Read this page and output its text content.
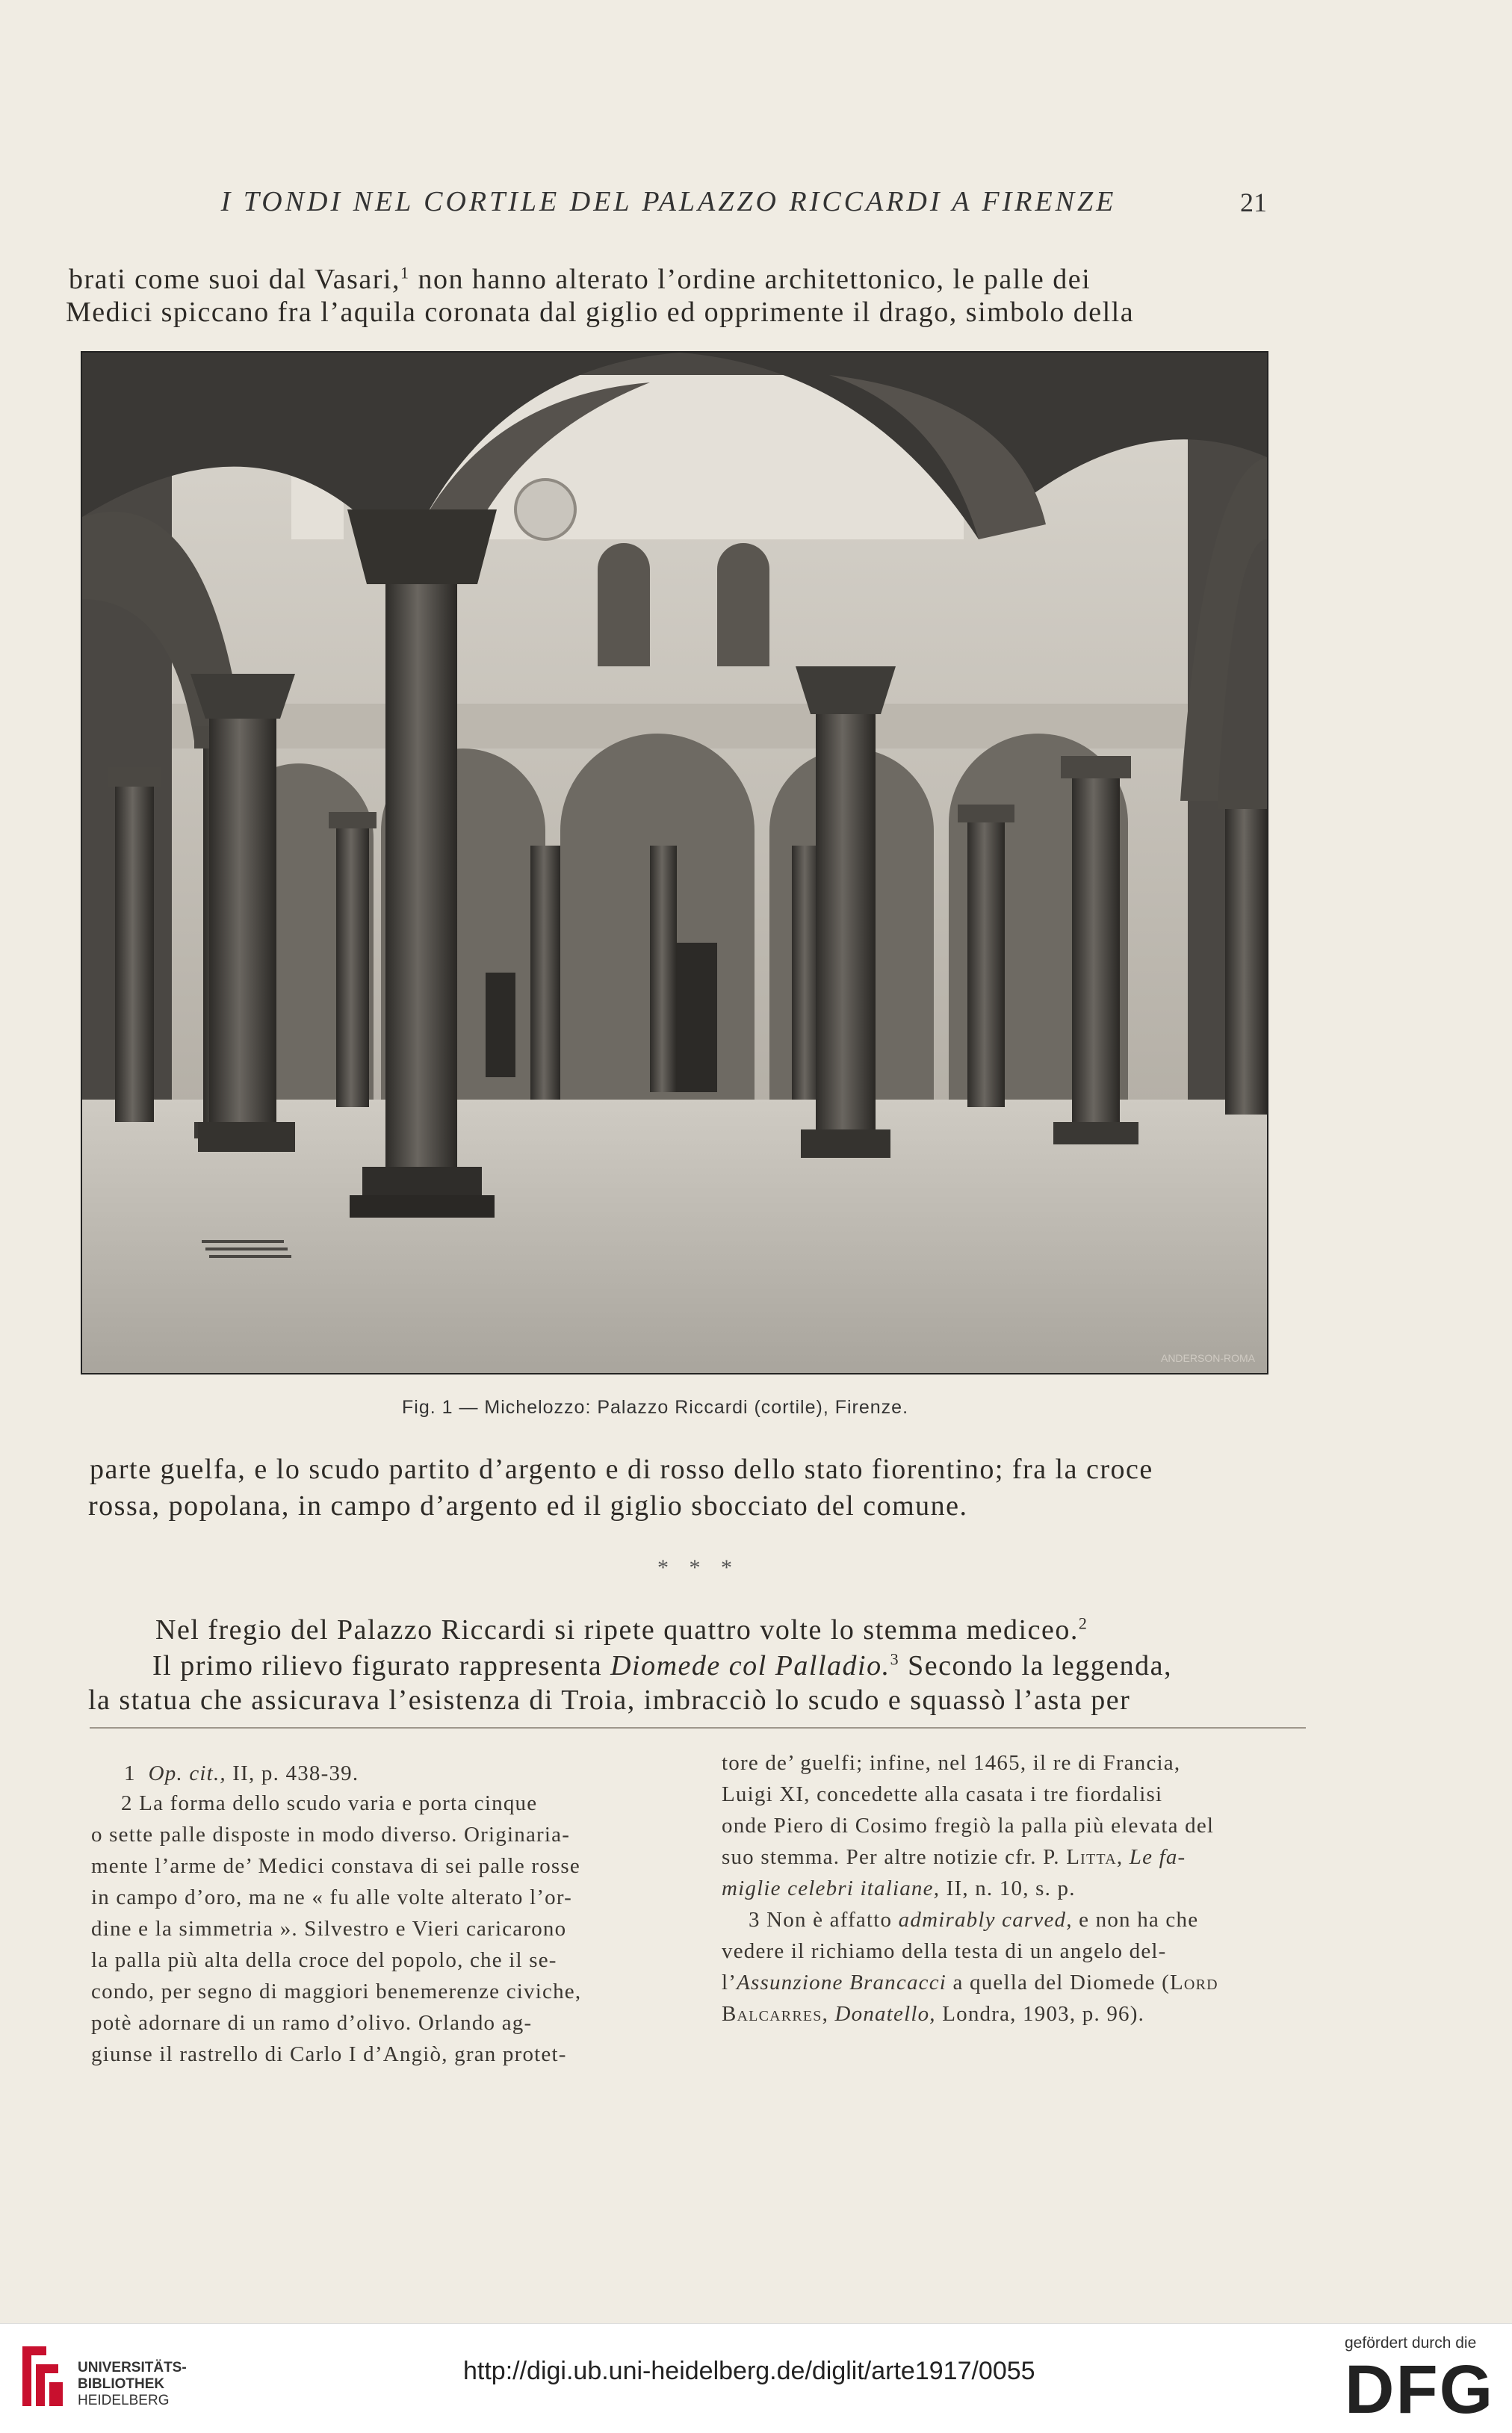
I TONDI NEL CORTILE DEL PALAZZO RICCARDI A FIRENZE	21
brati come suoi dal Vasari,$^1$ non hanno alterato l’ordine architettonico, le palle dei
Medici spiccano fra l’aquila coronata dal giglio ed opprimente il drago, simbolo della
ANDERSON-ROMA
Fig. 1 — Michelozzo: Palazzo Riccardi (cortile), Firenze.
parte guelfa, e lo scudo partito d’argento e di rosso dello stato fiorentino; fra la croce
rossa, popolana, in campo d’argento ed il giglio sbocciato del comune.
* * *
Nel fregio del Palazzo Riccardi si ripete quattro volte lo stemma mediceo.$^2$
Il primo rilievo figurato rappresenta Diomede col Palladio.$^3$ Secondo la leggenda,
la statua che assicurava l’esistenza di Troia, imbracciò lo scudo e squassò l’asta per
1 Op. cit., II, p. 438-39.
2 La forma dello scudo varia e porta cinque
o sette palle disposte in modo diverso. Originaria-
mente l’arme de’ Medici constava di sei palle rosse
in campo d’oro, ma ne « fu alle volte alterato l’or-
dine e la simmetria ». Silvestro e Vieri caricarono
la palla più alta della croce del popolo, che il se-
condo, per segno di maggiori benemerenze civiche,
potè adornare di un ramo d’olivo. Orlando ag-
giunse il rastrello di Carlo I d’Angiò, gran protet-
tore de’ guelfi; infine, nel 1465, il re di Francia,
Luigi XI, concedette alla casata i tre fiordalisi
onde Piero di Cosimo fregiò la palla più elevata del
suo stemma. Per altre notizie cfr. P. Litta, Le fa-
miglie celebri italiane, II, n. 10, s. p.
3 Non è affatto admirably carved, e non ha che
vedere il richiamo della testa di un angelo del-
l’Assunzione Brancacci a quella del Diomede (Lord
Balcarres, Donatello, Londra, 1903, p. 96).
UNIVERSITÄTS-
BIBLIOTHEK
HEIDELBERG
http://digi.ub.uni-heidelberg.de/diglit/arte1917/0055
gefördert durch die
DFG
